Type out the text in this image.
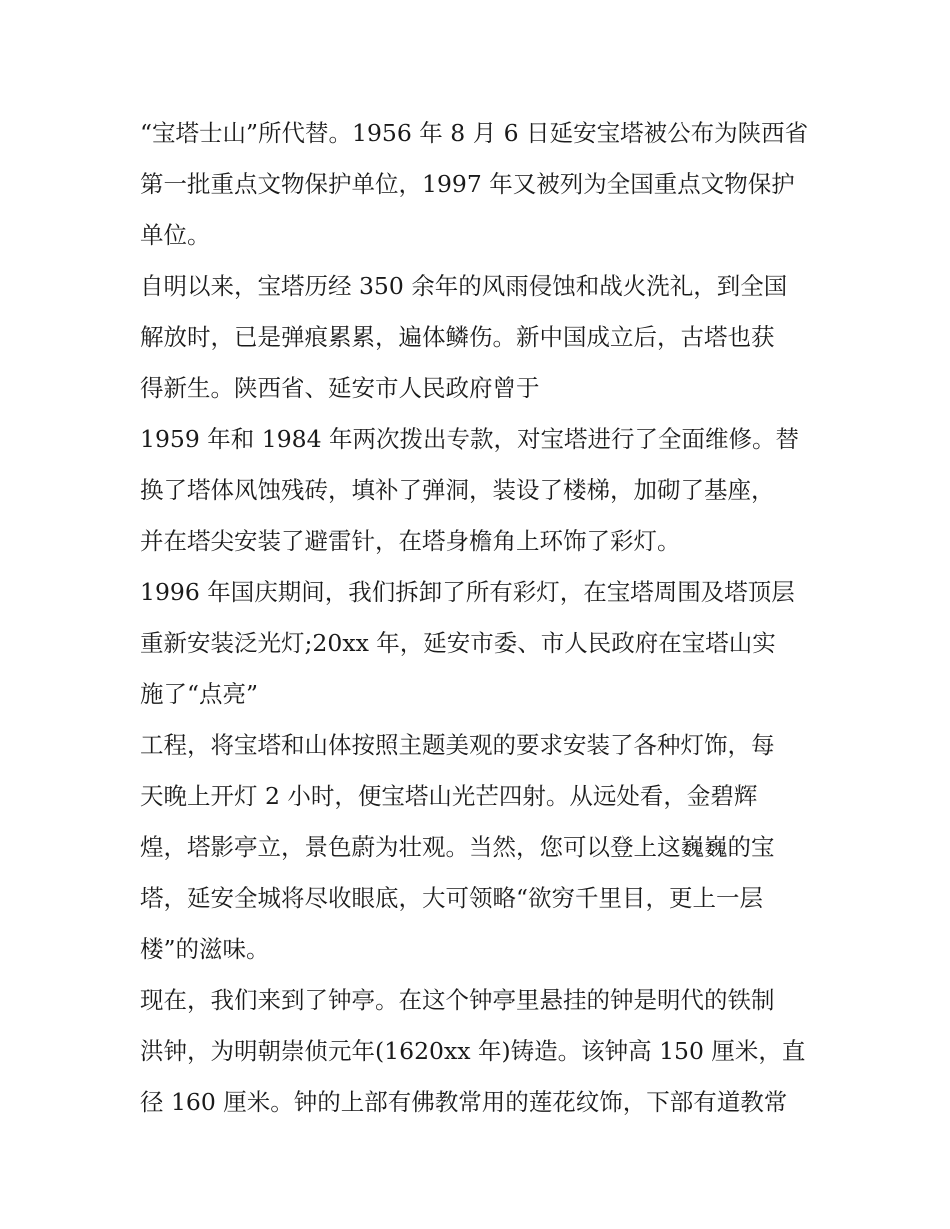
“宝塔士山”所代替。1956 年 8 月 6 日延安宝塔被公布为陕西省
第一批重点文物保护单位，1997 年又被列为全国重点文物保护
单位。
自明以来，宝塔历经 350 余年的风雨侵蚀和战火洗礼，到全国
解放时，已是弹痕累累，遍体鳞伤。新中国成立后，古塔也获
得新生。陕西省、延安市人民政府曾于
1959 年和 1984 年两次拨出专款，对宝塔进行了全面维修。替
换了塔体风蚀残砖，填补了弹洞，装设了楼梯，加砌了基座，
并在塔尖安装了避雷针，在塔身檐角上环饰了彩灯。
1996 年国庆期间，我们拆卸了所有彩灯，在宝塔周围及塔顶层
重新安装泛光灯;20xx 年，延安市委、市人民政府在宝塔山实
施了“点亮”
工程，将宝塔和山体按照主题美观的要求安装了各种灯饰，每
天晚上开灯 2 小时，便宝塔山光芒四射。从远处看，金碧辉
煌，塔影亭立，景色蔚为壮观。当然，您可以登上这巍巍的宝
塔，延安全城将尽收眼底，大可领略“欲穷千里目，更上一层
楼”的滋味。
现在，我们来到了钟亭。在这个钟亭里悬挂的钟是明代的铁制
洪钟，为明朝崇侦元年(1620xx 年)铸造。该钟高 150 厘米，直
径 160 厘米。钟的上部有佛教常用的莲花纹饰，下部有道教常
